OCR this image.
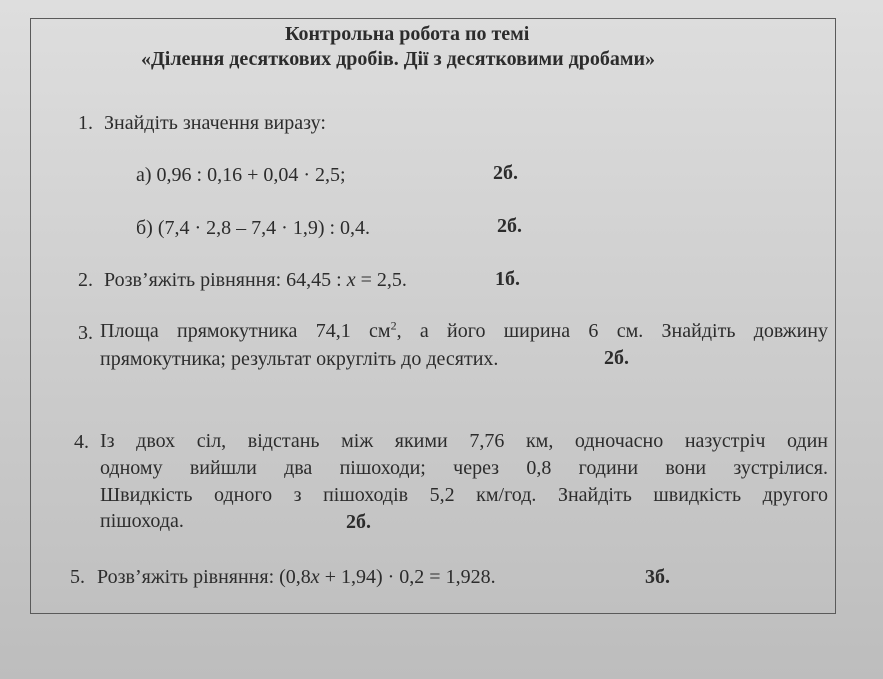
Контрольна робота по темі
«Ділення десяткових дробів. Дії з десятковими дробами»
1. Знайдіть значення виразу:
а) 0,96 : 0,16 + 0,04 · 2,5;	2б.
б) (7,4 · 2,8 – 7,4 · 1,9) : 0,4.	2б.
2. Розв’яжіть рівняння: 64,45 : x = 2,5.	1б.
3. Площа прямокутника 74,1 $см^2$, а його ширина 6 см. Знайдіть довжину
прямокутника; результат округліть до десятих.	2б.
4. Із двох сіл, відстань між якими 7,76 км, одночасно назустріч один
одному вийшли два пішоходи; через 0,8 години вони зустрілися.
Швидкість одного з пішоходів 5,2 км/год. Знайдіть швидкість другого
пішохода.	2б.
5. Розв’яжіть рівняння: (0,8x + 1,94) · 0,2 = 1,928.	3б.
